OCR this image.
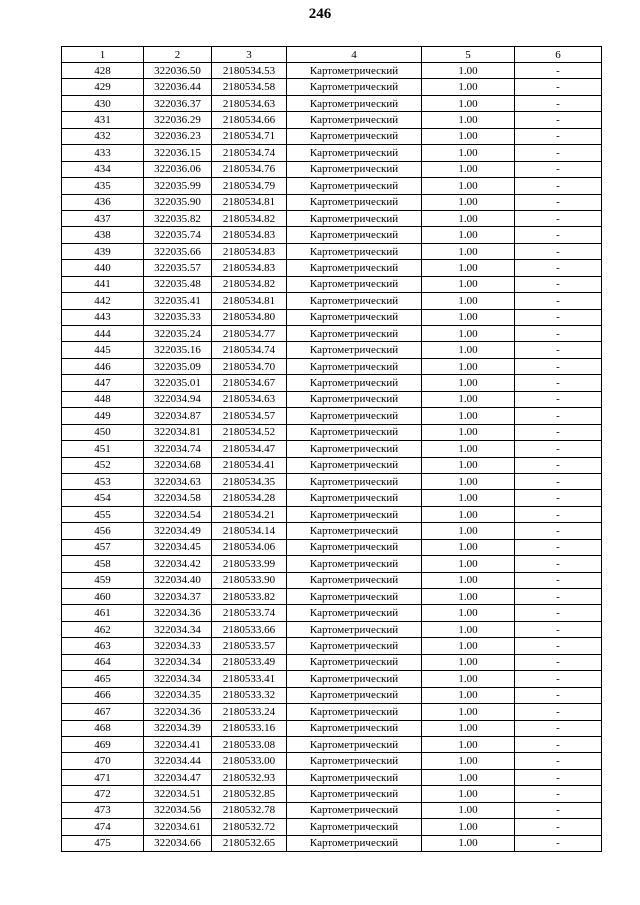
246
1	2	3	4	5	6
428	322036.50	2180534.53	Картометрический	1.00	-
429	322036.44	2180534.58	Картометрический	1.00	-
430	322036.37	2180534.63	Картометрический	1.00	-
431	322036.29	2180534.66	Картометрический	1.00	-
432	322036.23	2180534.71	Картометрический	1.00	-
433	322036.15	2180534.74	Картометрический	1.00	-
434	322036.06	2180534.76	Картометрический	1.00	-
435	322035.99	2180534.79	Картометрический	1.00	-
436	322035.90	2180534.81	Картометрический	1.00	-
437	322035.82	2180534.82	Картометрический	1.00	-
438	322035.74	2180534.83	Картометрический	1.00	-
439	322035.66	2180534.83	Картометрический	1.00	-
440	322035.57	2180534.83	Картометрический	1.00	-
441	322035.48	2180534.82	Картометрический	1.00	-
442	322035.41	2180534.81	Картометрический	1.00	-
443	322035.33	2180534.80	Картометрический	1.00	-
444	322035.24	2180534.77	Картометрический	1.00	-
445	322035.16	2180534.74	Картометрический	1.00	-
446	322035.09	2180534.70	Картометрический	1.00	-
447	322035.01	2180534.67	Картометрический	1.00	-
448	322034.94	2180534.63	Картометрический	1.00	-
449	322034.87	2180534.57	Картометрический	1.00	-
450	322034.81	2180534.52	Картометрический	1.00	-
451	322034.74	2180534.47	Картометрический	1.00	-
452	322034.68	2180534.41	Картометрический	1.00	-
453	322034.63	2180534.35	Картометрический	1.00	-
454	322034.58	2180534.28	Картометрический	1.00	-
455	322034.54	2180534.21	Картометрический	1.00	-
456	322034.49	2180534.14	Картометрический	1.00	-
457	322034.45	2180534.06	Картометрический	1.00	-
458	322034.42	2180533.99	Картометрический	1.00	-
459	322034.40	2180533.90	Картометрический	1.00	-
460	322034.37	2180533.82	Картометрический	1.00	-
461	322034.36	2180533.74	Картометрический	1.00	-
462	322034.34	2180533.66	Картометрический	1.00	-
463	322034.33	2180533.57	Картометрический	1.00	-
464	322034.34	2180533.49	Картометрический	1.00	-
465	322034.34	2180533.41	Картометрический	1.00	-
466	322034.35	2180533.32	Картометрический	1.00	-
467	322034.36	2180533.24	Картометрический	1.00	-
468	322034.39	2180533.16	Картометрический	1.00	-
469	322034.41	2180533.08	Картометрический	1.00	-
470	322034.44	2180533.00	Картометрический	1.00	-
471	322034.47	2180532.93	Картометрический	1.00	-
472	322034.51	2180532.85	Картометрический	1.00	-
473	322034.56	2180532.78	Картометрический	1.00	-
474	322034.61	2180532.72	Картометрический	1.00	-
475	322034.66	2180532.65	Картометрический	1.00	-
